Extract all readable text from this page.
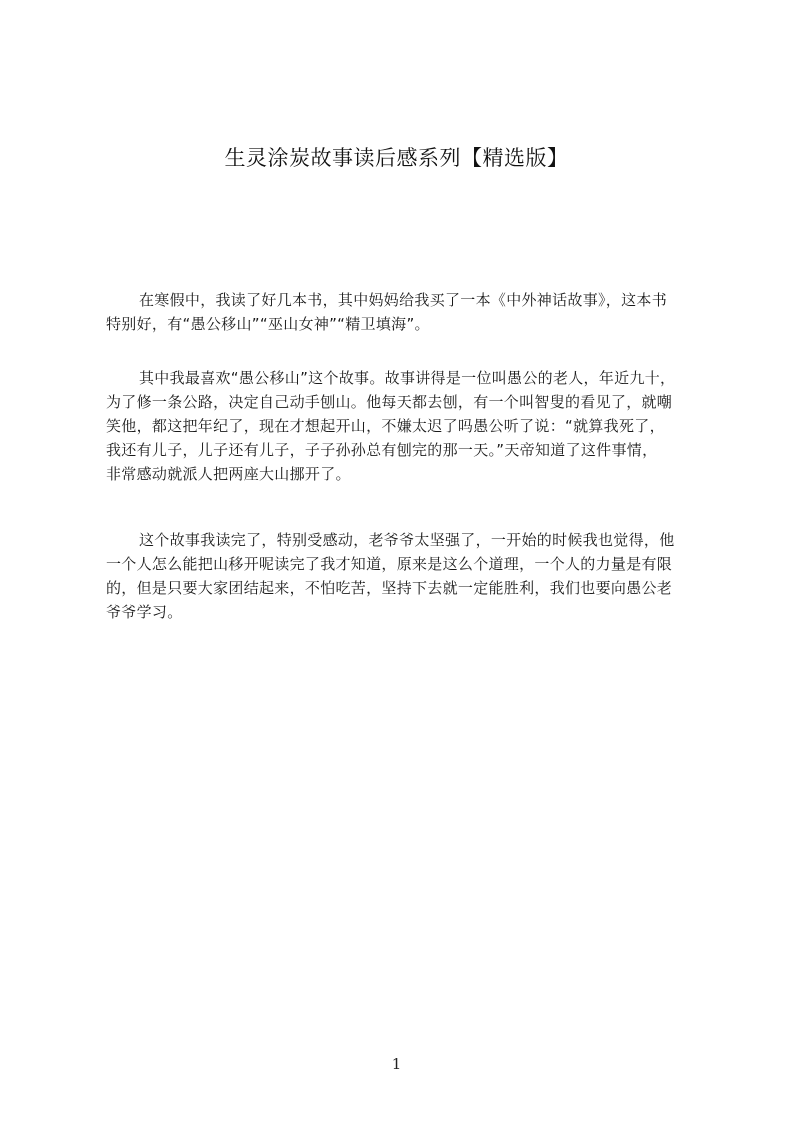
生灵涂炭故事读后感系列【精选版】

在寒假中，我读了好几本书，其中妈妈给我买了一本《中外神话故事》，这本书
特别好，有“愚公移山”“巫山女神”“精卫填海”。

其中我最喜欢“愚公移山”这个故事。故事讲得是一位叫愚公的老人，年近九十，
为了修一条公路，决定自己动手刨山。他每天都去刨，有一个叫智叟的看见了，就嘲
笑他，都这把年纪了，现在才想起开山，不嫌太迟了吗愚公听了说：“就算我死了，
我还有儿子，儿子还有儿子，子子孙孙总有刨完的那一天。”天帝知道了这件事情，
非常感动就派人把两座大山挪开了。

这个故事我读完了，特别受感动，老爷爷太坚强了，一开始的时候我也觉得，他
一个人怎么能把山移开呢读完了我才知道，原来是这么个道理，一个人的力量是有限
的，但是只要大家团结起来，不怕吃苦，坚持下去就一定能胜利，我们也要向愚公老
爷爷学习。

1
